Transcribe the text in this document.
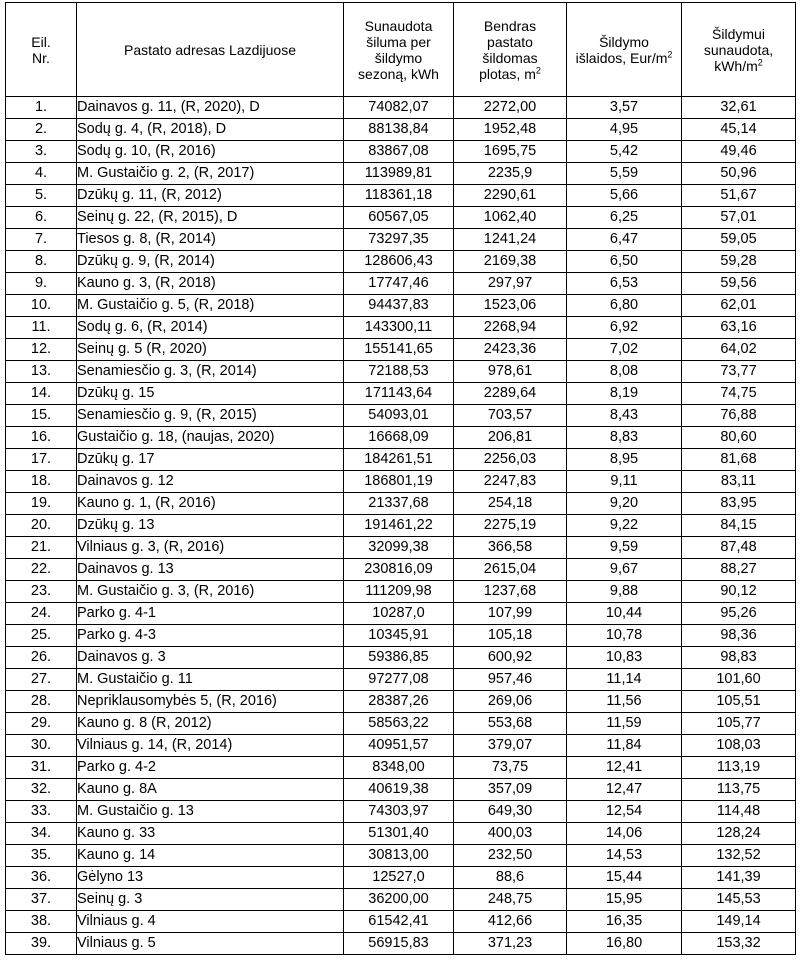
Eil. Nr.	Pastato adresas Lazdijuose	Sunaudota šiluma per šildymo sezoną, kWh	Bendras pastato šildomas plotas, $m^2$	Šildymo išlaidos, Eur/$m^2$	Šildymui sunaudota, kWh/$m^2$
1.	Dainavos g. 11, (R, 2020), D	74082,07	2272,00	3,57	32,61
2.	Sodų g. 4, (R, 2018), D	88138,84	1952,48	4,95	45,14
3.	Sodų g. 10, (R, 2016)	83867,08	1695,75	5,42	49,46
4.	M. Gustaičio g. 2, (R, 2017)	113989,81	2235,9	5,59	50,96
5.	Dzūkų g. 11, (R, 2012)	118361,18	2290,61	5,66	51,67
6.	Seinų g. 22, (R, 2015), D	60567,05	1062,40	6,25	57,01
7.	Tiesos g. 8, (R, 2014)	73297,35	1241,24	6,47	59,05
8.	Dzūkų g. 9, (R, 2014)	128606,43	2169,38	6,50	59,28
9.	Kauno g. 3, (R, 2018)	17747,46	297,97	6,53	59,56
10.	M. Gustaičio g. 5, (R, 2018)	94437,83	1523,06	6,80	62,01
11.	Sodų g. 6, (R, 2014)	143300,11	2268,94	6,92	63,16
12.	Seinų g. 5 (R, 2020)	155141,65	2423,36	7,02	64,02
13.	Senamiesčio g. 3, (R, 2014)	72188,53	978,61	8,08	73,77
14.	Dzūkų g. 15	171143,64	2289,64	8,19	74,75
15.	Senamiesčio g. 9, (R, 2015)	54093,01	703,57	8,43	76,88
16.	Gustaičio g. 18, (naujas, 2020)	16668,09	206,81	8,83	80,60
17.	Dzūkų g. 17	184261,51	2256,03	8,95	81,68
18.	Dainavos g. 12	186801,19	2247,83	9,11	83,11
19.	Kauno g. 1, (R, 2016)	21337,68	254,18	9,20	83,95
20.	Dzūkų g. 13	191461,22	2275,19	9,22	84,15
21.	Vilniaus g. 3, (R, 2016)	32099,38	366,58	9,59	87,48
22.	Dainavos g. 13	230816,09	2615,04	9,67	88,27
23.	M. Gustaičio g. 3, (R, 2016)	111209,98	1237,68	9,88	90,12
24.	Parko g. 4-1	10287,0	107,99	10,44	95,26
25.	Parko g. 4-3	10345,91	105,18	10,78	98,36
26.	Dainavos g. 3	59386,85	600,92	10,83	98,83
27.	M. Gustaičio g. 11	97277,08	957,46	11,14	101,60
28.	Nepriklausomybės 5, (R, 2016)	28387,26	269,06	11,56	105,51
29.	Kauno g. 8 (R, 2012)	58563,22	553,68	11,59	105,77
30.	Vilniaus g. 14, (R, 2014)	40951,57	379,07	11,84	108,03
31.	Parko g. 4-2	8348,00	73,75	12,41	113,19
32.	Kauno g. 8A	40619,38	357,09	12,47	113,75
33.	M. Gustaičio g. 13	74303,97	649,30	12,54	114,48
34.	Kauno g. 33	51301,40	400,03	14,06	128,24
35.	Kauno g. 14	30813,00	232,50	14,53	132,52
36.	Gėlyno 13	12527,0	88,6	15,44	141,39
37.	Seinų g. 3	36200,00	248,75	15,95	145,53
38.	Vilniaus g. 4	61542,41	412,66	16,35	149,14
39.	Vilniaus g. 5	56915,83	371,23	16,80	153,32
